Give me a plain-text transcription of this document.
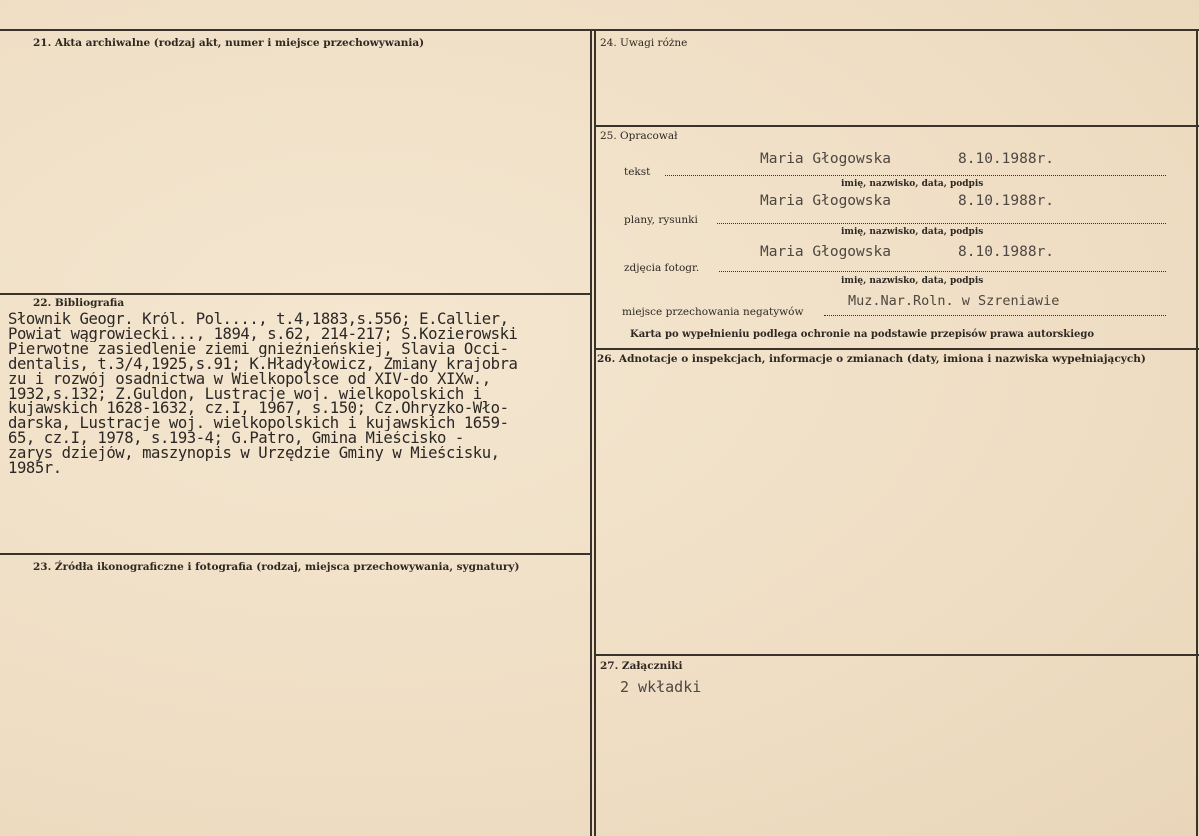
21. Akta archiwalne (rodzaj akt, numer i miejsce przechowywania)
22. Bibliografia
Słownik Geogr. Król. Pol...., t.4,1883,s.556; E.Callier,
Powiat wągrowiecki..., 1894, s.62, 214-217; S.Kozierowski
Pierwotne zasiedlenie ziemi gnieźnieńskiej, Slavia Occi-
dentalis, t.3/4,1925,s.91; K.Hładyłowicz, Zmiany krajobra
zu i rozwój osadnictwa w Wielkopolsce od XIV-do XIXw.,
1932,s.132; Z.Guldon, Lustracje woj. wielkopolskich i
kujawskich 1628-1632, cz.I, 1967, s.150; Cz.Ohryzko-Wło-
darska, Lustracje woj. wielkopolskich i kujawskich 1659-
65, cz.I, 1978, s.193-4; G.Patro, Gmina Mieścisko -
zarys dziejów, maszynopis w Urzędzie Gminy w Mieścisku,
1985r.
23. Źródła ikonograficzne i fotografia (rodzaj, miejsca przechowywania, sygnatury)
24. Uwagi różne
25. Opracował
tekst
Maria Głogowska	8.10.1988r.
imię, nazwisko, data, podpis
plany, rysunki
Maria Głogowska	8.10.1988r.
imię, nazwisko, data, podpis
zdjęcia fotogr.
Maria Głogowska	8.10.1988r.
imię, nazwisko, data, podpis
miejsce przechowania negatywów
Muz.Nar.Roln. w Szreniawie
Karta po wypełnieniu podlega ochronie na podstawie przepisów prawa autorskiego
26. Adnotacje o inspekcjach, informacje o zmianach (daty, imiona i nazwiska wypełniających)
27. Załączniki
2 wkładki
